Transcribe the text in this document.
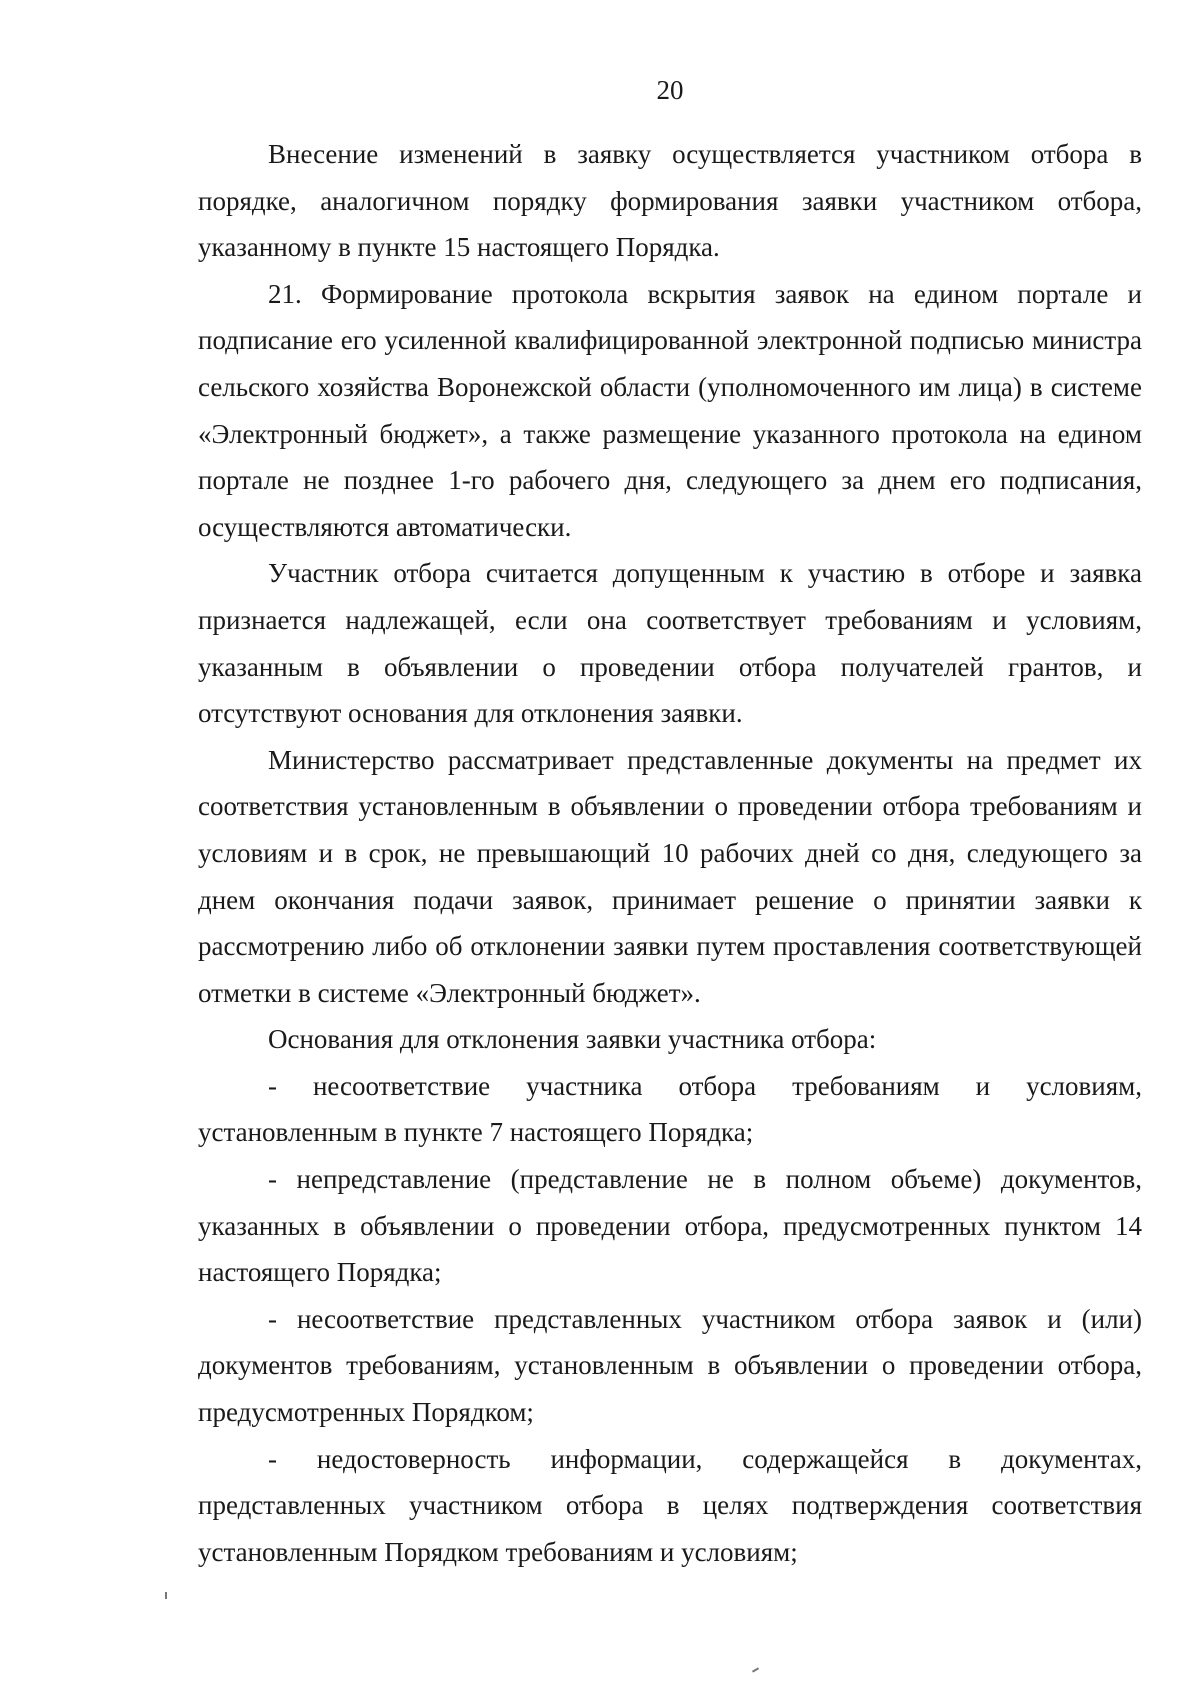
20

Внесение изменений в заявку осуществляется участником отбора в порядке, аналогичном порядку формирования заявки участником отбора, указанному в пункте 15 настоящего Порядка.

21. Формирование протокола вскрытия заявок на едином портале и подписание его усиленной квалифицированной электронной подписью министра сельского хозяйства Воронежской области (уполномоченного им лица) в системе «Электронный бюджет», а также размещение указанного протокола на едином портале не позднее 1-го рабочего дня, следующего за днем его подписания, осуществляются автоматически.

Участник отбора считается допущенным к участию в отборе и заявка признается надлежащей, если она соответствует требованиям и условиям, указанным в объявлении о проведении отбора получателей грантов, и отсутствуют основания для отклонения заявки.

Министерство рассматривает представленные документы на предмет их соответствия установленным в объявлении о проведении отбора требованиям и условиям и в срок, не превышающий 10 рабочих дней со дня, следующего за днем окончания подачи заявок, принимает решение о принятии заявки к рассмотрению либо об отклонении заявки путем проставления соответствующей отметки в системе «Электронный бюджет».

Основания для отклонения заявки участника отбора:

- несоответствие участника отбора требованиям и условиям, установленным в пункте 7 настоящего Порядка;

- непредставление (представление не в полном объеме) документов, указанных в объявлении о проведении отбора, предусмотренных пунктом 14 настоящего Порядка;

- несоответствие представленных участником отбора заявок и (или) документов требованиям, установленным в объявлении о проведении отбора, предусмотренных Порядком;

- недостоверность информации, содержащейся в документах, представленных участником отбора в целях подтверждения соответствия установленным Порядком требованиям и условиям;
